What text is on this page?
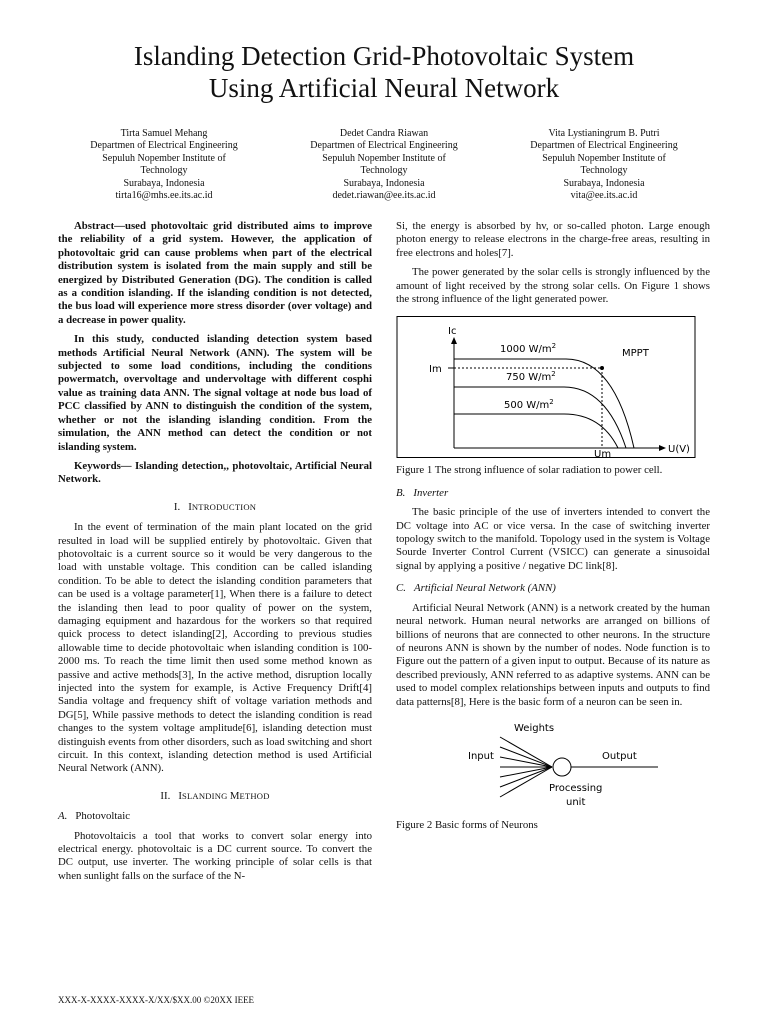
Islanding Detection Grid-Photovoltaic System
Using Artificial Neural Network
Tirta Samuel Mehang
Departmen of Electrical Engineering
Sepuluh Nopember Institute of
Technology
Surabaya, Indonesia
tirta16@mhs.ee.its.ac.id
Dedet Candra Riawan
Departmen of Electrical Engineering
Sepuluh Nopember Institute of
Technology
Surabaya, Indonesia
dedet.riawan@ee.its.ac.id
Vita Lystianingrum B. Putri
Departmen of Electrical Engineering
Sepuluh Nopember Institute of
Technology
Surabaya, Indonesia
vita@ee.its.ac.id

Abstract—used photovoltaic grid distributed aims to improve the reliability of a grid system. However, the application of photovoltaic grid can cause problems when part of the electrical distribution system is isolated from the main supply and still be energized by Distributed Generation (DG). The condition is called as a condition islanding. If the islanding condition is not detected, the bus load will experience more stress disorder (over voltage) and a decrease in power quality.

In this study, conducted islanding detection system based methods Artificial Neural Network (ANN). The system will be subjected to some load conditions, including the conditions powermatch, overvoltage and undervoltage with different cosphi value as training data ANN. The signal voltage at node bus load of PCC classified by ANN to distinguish the condition of the system, whether or not the islanding islanding condition. From the simulation, the ANN method can detect the condition or not islanding system.

Keywords— Islanding detection,, photovoltaic, Artificial Neural Network.

I. INTRODUCTION

In the event of termination of the main plant located on the grid resulted in load will be supplied entirely by photovoltaic. Given that photovoltaic is a current source so it would be very dangerous to the load with unstable voltage. This condition can be called islanding condition. To be able to detect the islanding condition parameters that can be used is a voltage parameter[1], When there is a failure to detect the islanding then lead to poor quality of power on the system, damaging equipment and hazardous for the workers so that required quick process to detect islanding[2], According to previous studies allowable time to decide photovoltaic when islanding condition is 100-2000 ms. To reach the time limit then used some method known as passive and active methods[3], In the active method, disruption locally injected into the system for example, is Active Frequency Drift[4] Sandia voltage and frequency shift of voltage variation methods and DG[5], While passive methods to detect the islanding condition is read changes to the system voltage amplitude[6], islanding detection must distinguish events from other disorders, such as load switching and short circuit. In this context, islanding detection method is used Artificial Neural Network (ANN).

II. ISLANDING METHOD
A. Photovoltaic

Photovoltaicis a tool that works to convert solar energy into electrical energy. photovoltaic is a DC current source. To convert the DC output, use inverter. The working principle of solar cells is that when sunlight falls on the surface of the N-

Si, the energy is absorbed by hv, or so-called photon. Large enough photon energy to release electrons in the charge-free areas, resulting in free electrons and holes[7].

The power generated by the solar cells is strongly influenced by the amount of light received by the strong solar cells. On Figure 1 shows the strong influence of the light generated power.

Ic
Im
MPPT
Um	U(V)
1000 $W/m^2$
750 $W/m^2$
500 $W/m^2$

Figure 1 The strong influence of solar radiation to power cell.

B. Inverter

The basic principle of the use of inverters intended to convert the DC voltage into AC or vice versa. In the case of switching inverter topology switch to the manifold. Topology used in the system is Voltage Sourde Inverter Control Current (VSICC) can generate a sinusoidal signal by applying a positive / negative DC link[8].

C. Artificial Neural Network (ANN)

Artificial Neural Network (ANN) is a network created by the human neural network. Human neural networks are arranged on billions of billions of neurons that are connected to other neurons. In the structure of neurons ANN is shown by the number of nodes. Node function is to Figure out the pattern of a given input to output. Because of its nature as described previously, ANN referred to as adaptive systems. ANN can be used to model complex relationships between inputs and outputs to find data patterns[8], Here is the basic form of a neuron can be seen in.

Weights
Input	Output
Processing
unit

Figure 2 Basic forms of Neurons

XXX-X-XXXX-XXXX-X/XX/$XX.00 ©20XX IEEE
